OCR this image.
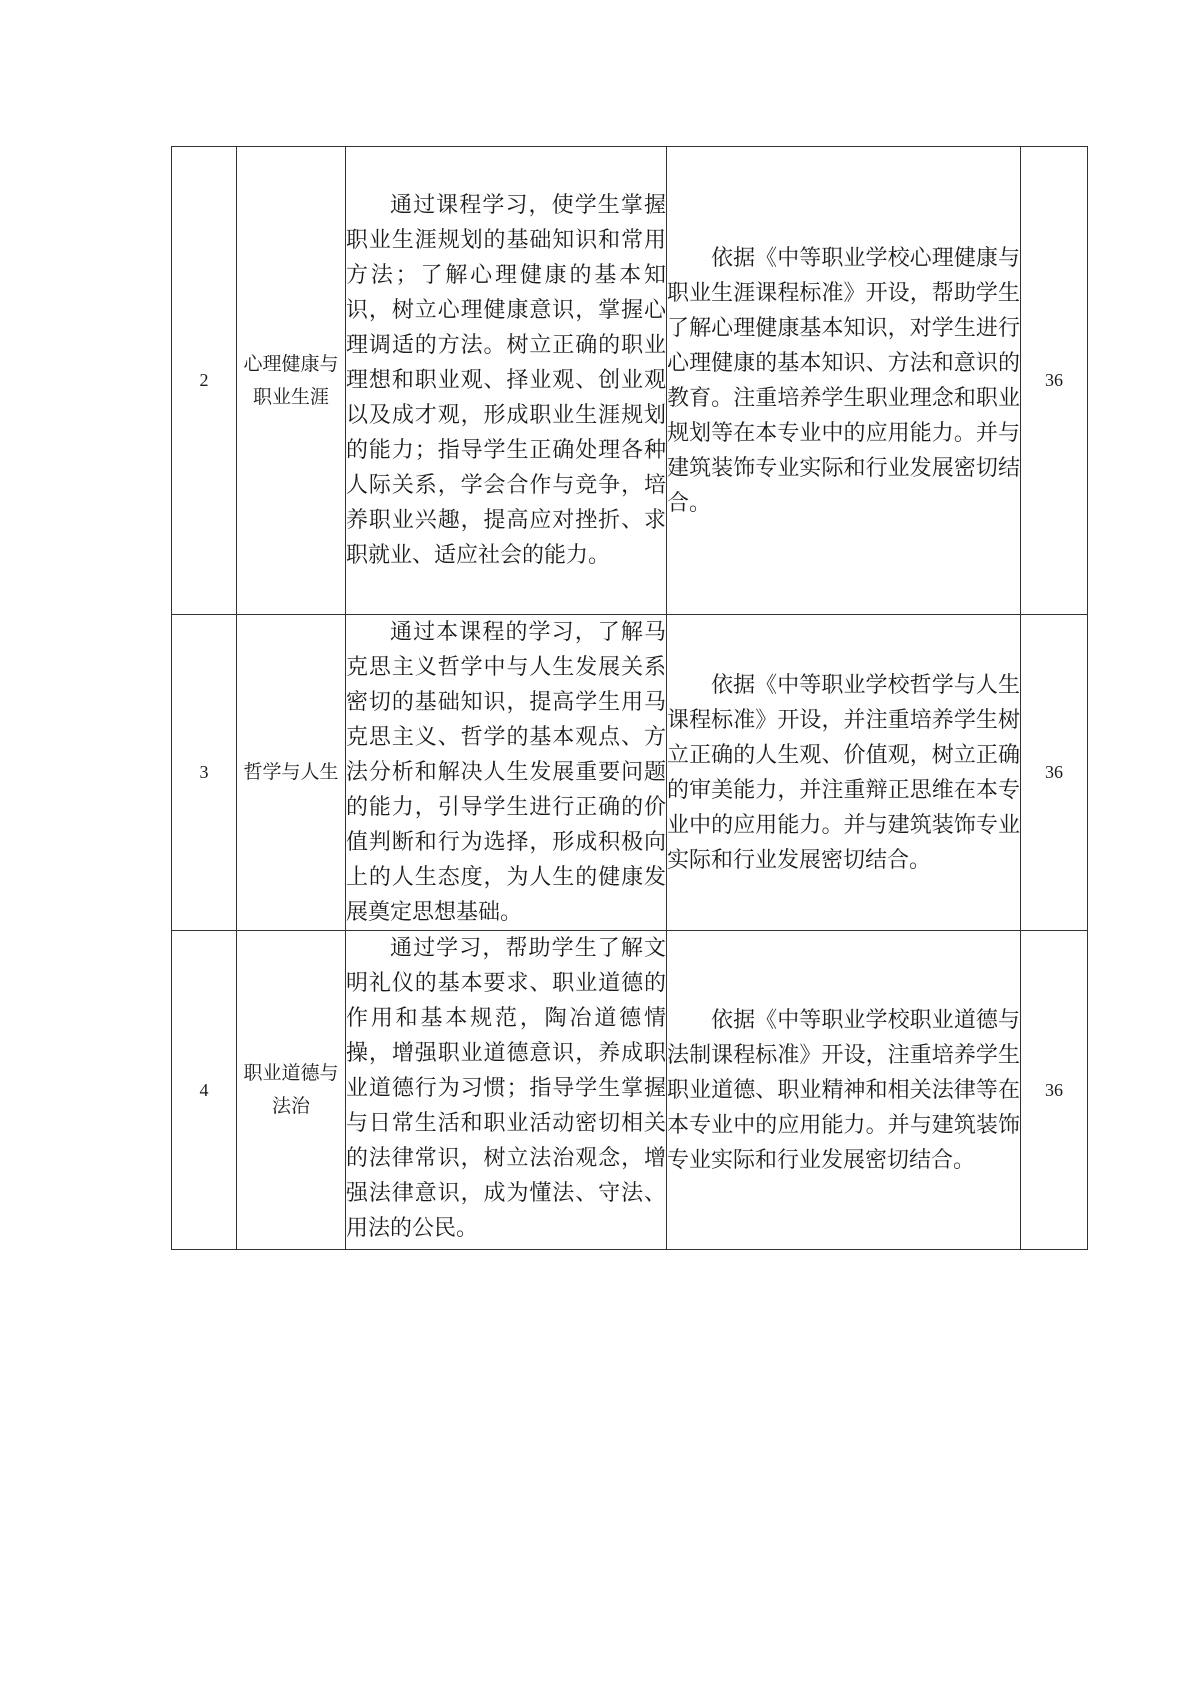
2	心理健康与职业生涯	通过课程学习，使学生掌握职业生涯规划的基础知识和常用方法；了解心理健康的基本知识，树立心理健康意识，掌握心理调适的方法。树立正确的职业理想和职业观、择业观、创业观以及成才观，形成职业生涯规划的能力；指导学生正确处理各种人际关系，学会合作与竞争，培养职业兴趣，提高应对挫折、求职就业、适应社会的能力。	依据《中等职业学校心理健康与职业生涯课程标准》开设，帮助学生了解心理健康基本知识，对学生进行心理健康的基本知识、方法和意识的教育。注重培养学生职业理念和职业规划等在本专业中的应用能力。并与建筑装饰专业实际和行业发展密切结合。	36
3	哲学与人生	通过本课程的学习，了解马克思主义哲学中与人生发展关系密切的基础知识，提高学生用马克思主义、哲学的基本观点、方法分析和解决人生发展重要问题的能力，引导学生进行正确的价值判断和行为选择，形成积极向上的人生态度，为人生的健康发展奠定思想基础。	依据《中等职业学校哲学与人生课程标准》开设，并注重培养学生树立正确的人生观、价值观，树立正确的审美能力，并注重辩正思维在本专业中的应用能力。并与建筑装饰专业实际和行业发展密切结合。	36
4	职业道德与法治	通过学习，帮助学生了解文明礼仪的基本要求、职业道德的作用和基本规范，陶冶道德情操，增强职业道德意识，养成职业道德行为习惯；指导学生掌握与日常生活和职业活动密切相关的法律常识，树立法治观念，增强法律意识，成为懂法、守法、用法的公民。	依据《中等职业学校职业道德与法制课程标准》开设，注重培养学生职业道德、职业精神和相关法律等在本专业中的应用能力。并与建筑装饰专业实际和行业发展密切结合。	36
